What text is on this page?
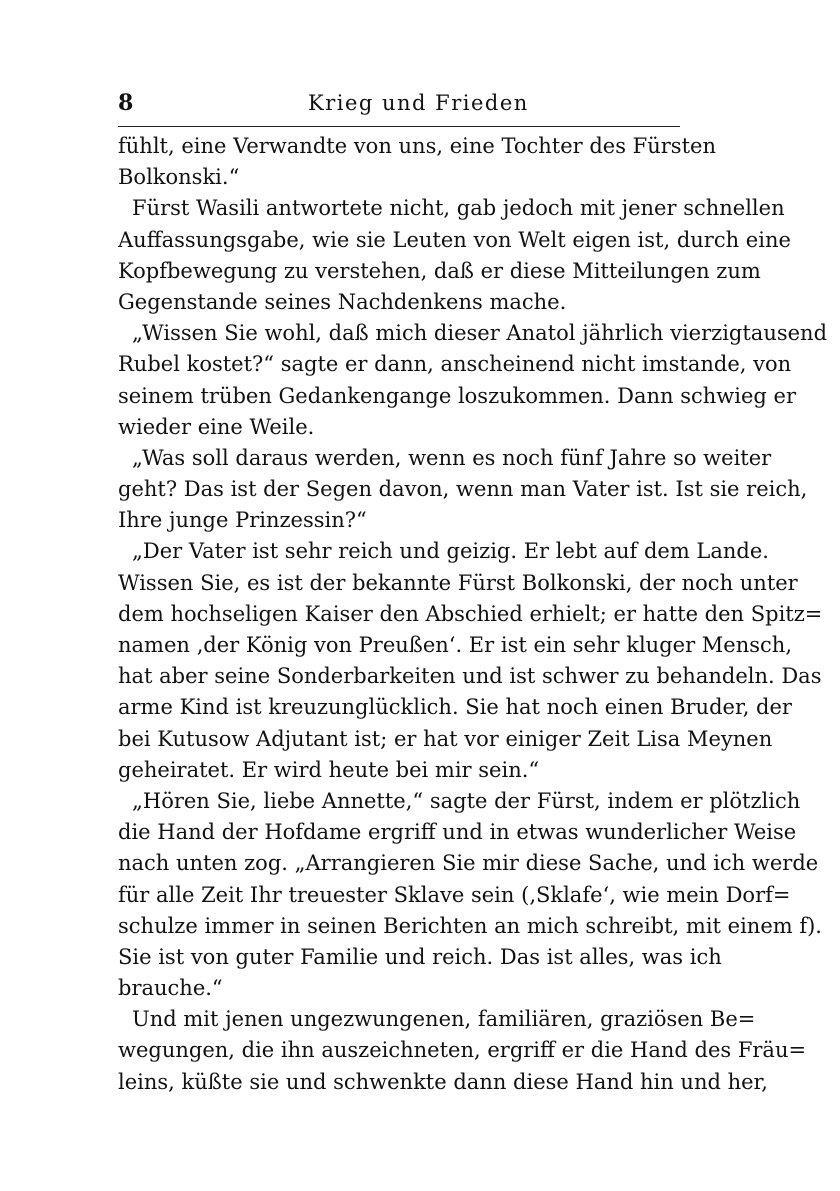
8	Krieg und Frieden
fühlt, eine Verwandte von uns, eine Tochter des Fürsten
Bolkonski.“
Fürst Wasili antwortete nicht, gab jedoch mit jener schnellen
Auffassungsgabe, wie sie Leuten von Welt eigen ist, durch eine
Kopfbewegung zu verstehen, daß er diese Mitteilungen zum
Gegenstande seines Nachdenkens mache.
„Wissen Sie wohl, daß mich dieser Anatol jährlich vierzigtausend
Rubel kostet?“ sagte er dann, anscheinend nicht imstande, von
seinem trüben Gedankengange loszukommen. Dann schwieg er
wieder eine Weile.
„Was soll daraus werden, wenn es noch fünf Jahre so weiter
geht? Das ist der Segen davon, wenn man Vater ist. Ist sie reich,
Ihre junge Prinzessin?“
„Der Vater ist sehr reich und geizig. Er lebt auf dem Lande.
Wissen Sie, es ist der bekannte Fürst Bolkonski, der noch unter
dem hochseligen Kaiser den Abschied erhielt; er hatte den Spitz=
namen ‚der König von Preußen‘. Er ist ein sehr kluger Mensch,
hat aber seine Sonderbarkeiten und ist schwer zu behandeln. Das
arme Kind ist kreuzunglücklich. Sie hat noch einen Bruder, der
bei Kutusow Adjutant ist; er hat vor einiger Zeit Lisa Meynen
geheiratet. Er wird heute bei mir sein.“
„Hören Sie, liebe Annette,“ sagte der Fürst, indem er plötzlich
die Hand der Hofdame ergriff und in etwas wunderlicher Weise
nach unten zog. „Arrangieren Sie mir diese Sache, und ich werde
für alle Zeit Ihr treuester Sklave sein (‚Sklafe‘, wie mein Dorf=
schulze immer in seinen Berichten an mich schreibt, mit einem f).
Sie ist von guter Familie und reich. Das ist alles, was ich
brauche.“
Und mit jenen ungezwungenen, familiären, graziösen Be=
wegungen, die ihn auszeichneten, ergriff er die Hand des Fräu=
leins, küßte sie und schwenkte dann diese Hand hin und her,
